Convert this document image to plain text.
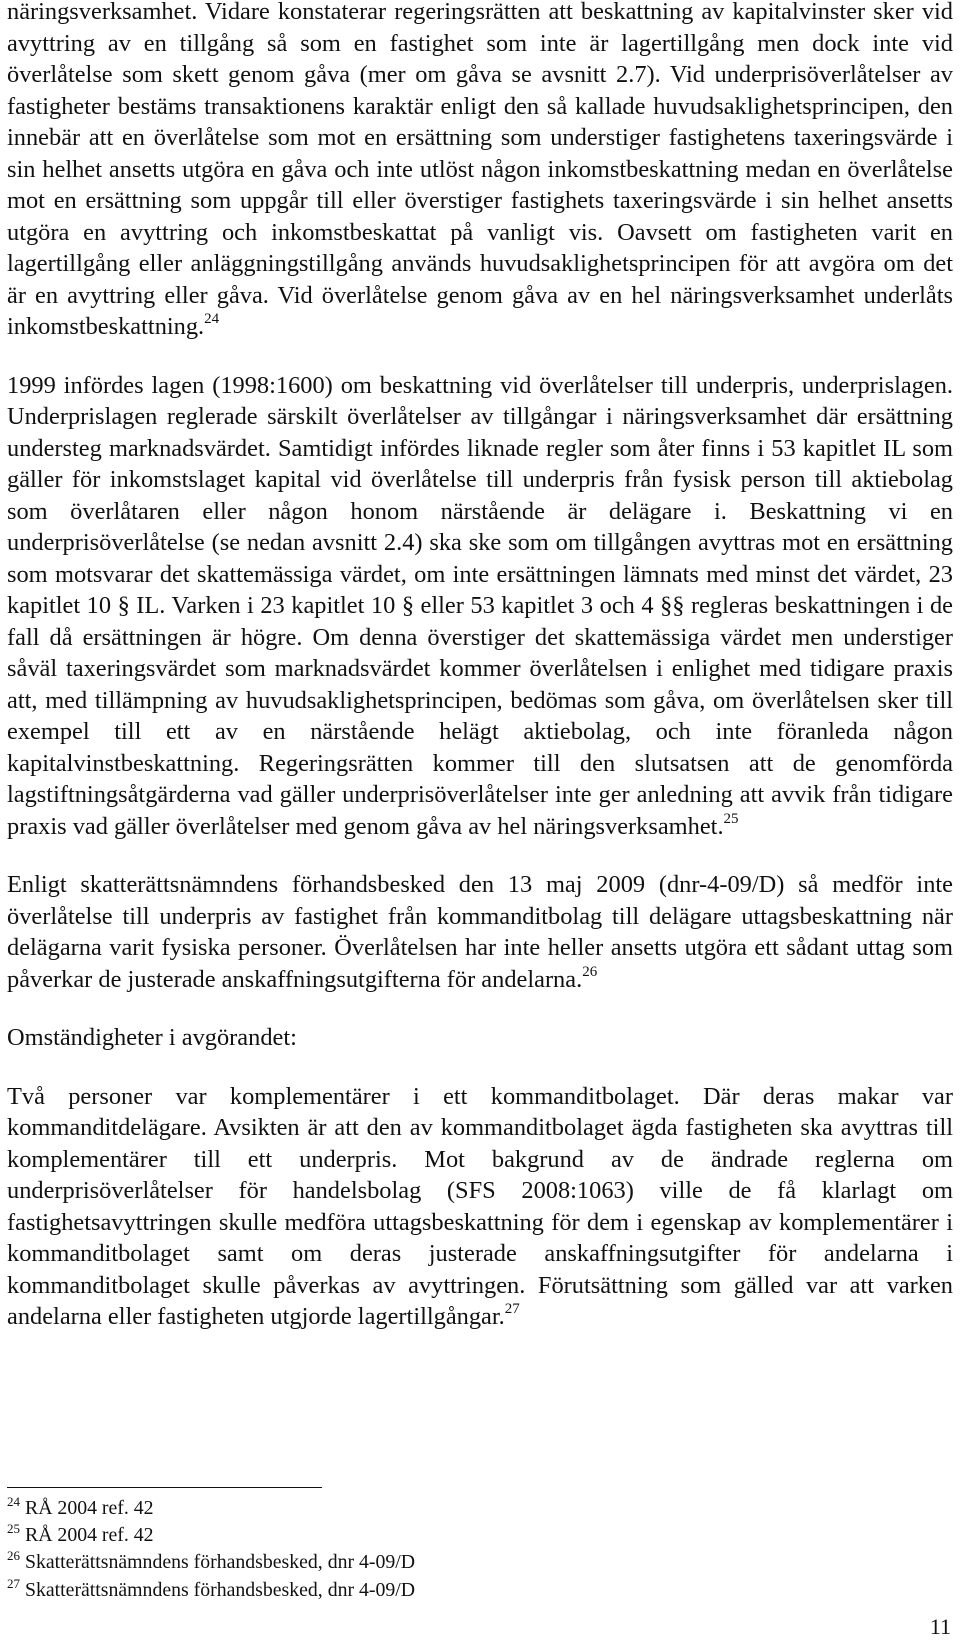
näringsverksamhet. Vidare konstaterar regeringsrätten att beskattning av kapitalvinster sker vid avyttring av en tillgång så som en fastighet som inte är lagertillgång men dock inte vid överlåtelse som skett genom gåva (mer om gåva se avsnitt 2.7). Vid underprisöverlåtelser av fastigheter bestäms transaktionens karaktär enligt den så kallade huvudsaklighetsprincipen, den innebär att en överlåtelse som mot en ersättning som understiger fastighetens taxeringsvärde i sin helhet ansetts utgöra en gåva och inte utlöst någon inkomstbeskattning medan en överlåtelse mot en ersättning som uppgår till eller överstiger fastighets taxeringsvärde i sin helhet ansetts utgöra en avyttring och inkomstbeskattat på vanligt vis. Oavsett om fastigheten varit en lagertillgång eller anläggningstillgång används huvudsaklighetsprincipen för att avgöra om det är en avyttring eller gåva. Vid överlåtelse genom gåva av en hel näringsverksamhet underlåts inkomstbeskattning.$^{24}$

1999 infördes lagen (1998:1600) om beskattning vid överlåtelser till underpris, underprislagen. Underprislagen reglerade särskilt överlåtelser av tillgångar i näringsverksamhet där ersättning understeg marknadsvärdet. Samtidigt infördes liknade regler som åter finns i 53 kapitlet IL som gäller för inkomstslaget kapital vid överlåtelse till underpris från fysisk person till aktiebolag som överlåtaren eller någon honom närstående är delägare i. Beskattning vi en underprisöverlåtelse (se nedan avsnitt 2.4) ska ske som om tillgången avyttras mot en ersättning som motsvarar det skattemässiga värdet, om inte ersättningen lämnats med minst det värdet, 23 kapitlet 10 § IL. Varken i 23 kapitlet 10 § eller 53 kapitlet 3 och 4 §§ regleras beskattningen i de fall då ersättningen är högre. Om denna överstiger det skattemässiga värdet men understiger såväl taxeringsvärdet som marknadsvärdet kommer överlåtelsen i enlighet med tidigare praxis att, med tillämpning av huvudsaklighetsprincipen, bedömas som gåva, om överlåtelsen sker till exempel till ett av en närstående helägt aktiebolag, och inte föranleda någon kapitalvinstbeskattning. Regeringsrätten kommer till den slutsatsen att de genomförda lagstiftningsåtgärderna vad gäller underprisöverlåtelser inte ger anledning att avvik från tidigare praxis vad gäller överlåtelser med genom gåva av hel näringsverksamhet.$^{25}$

Enligt skatterättsnämndens förhandsbesked den 13 maj 2009 (dnr-4-09/D) så medför inte överlåtelse till underpris av fastighet från kommanditbolag till delägare uttagsbeskattning när delägarna varit fysiska personer. Överlåtelsen har inte heller ansetts utgöra ett sådant uttag som påverkar de justerade anskaffningsutgifterna för andelarna.$^{26}$

Omständigheter i avgörandet:

Två personer var komplementärer i ett kommanditbolaget. Där deras makar var kommanditdelägare. Avsikten är att den av kommanditbolaget ägda fastigheten ska avyttras till komplementärer till ett underpris. Mot bakgrund av de ändrade reglerna om underprisöverlåtelser för handelsbolag (SFS 2008:1063) ville de få klarlagt om fastighetsavyttringen skulle medföra uttagsbeskattning för dem i egenskap av komplementärer i kommanditbolaget samt om deras justerade anskaffningsutgifter för andelarna i kommanditbolaget skulle påverkas av avyttringen. Förutsättning som gälled var att varken andelarna eller fastigheten utgjorde lagertillgångar.$^{27}$

$^{24}$ RÅ 2004 ref. 42
$^{25}$ RÅ 2004 ref. 42
$^{26}$ Skatterättsnämndens förhandsbesked, dnr 4-09/D
$^{27}$ Skatterättsnämndens förhandsbesked, dnr 4-09/D
11
